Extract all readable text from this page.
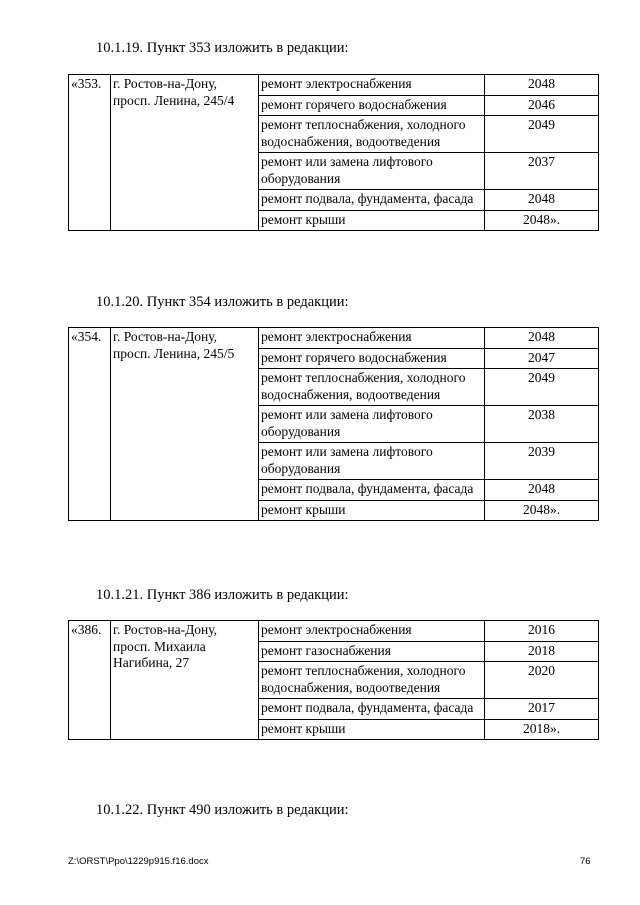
10.1.19. Пункт 353 изложить в редакции:
«353.	г. Ростов-на-Дону, просп. Ленина, 245/4	ремонт электроснабжения	2048
		ремонт горячего водоснабжения	2046
		ремонт теплоснабжения, холодного водоснабжения, водоотведения	2049
		ремонт или замена лифтового оборудования	2037
		ремонт подвала, фундамента, фасада	2048
		ремонт крыши	2048».
10.1.20. Пункт 354 изложить в редакции:
«354.	г. Ростов-на-Дону, просп. Ленина, 245/5	ремонт электроснабжения	2048
		ремонт горячего водоснабжения	2047
		ремонт теплоснабжения, холодного водоснабжения, водоотведения	2049
		ремонт или замена лифтового оборудования	2038
		ремонт или замена лифтового оборудования	2039
		ремонт подвала, фундамента, фасада	2048
		ремонт крыши	2048».
10.1.21. Пункт 386 изложить в редакции:
«386.	г. Ростов-на-Дону, просп. Михаила Нагибина, 27	ремонт электроснабжения	2016
		ремонт газоснабжения	2018
		ремонт теплоснабжения, холодного водоснабжения, водоотведения	2020
		ремонт подвала, фундамента, фасада	2017
		ремонт крыши	2018».
10.1.22. Пункт 490 изложить в редакции:
Z:\ORST\Ppo\1229p915.f16.docx	76
